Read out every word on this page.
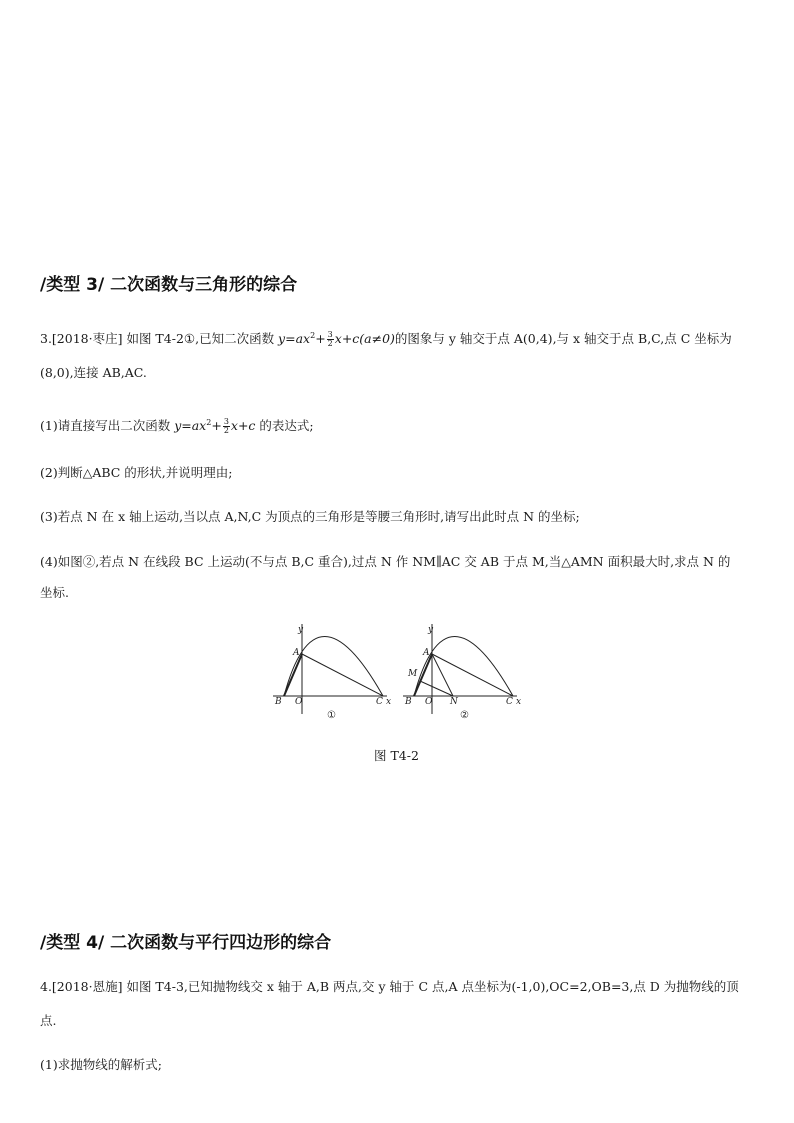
/类型 3/ 二次函数与三角形的综合
3.[2018·枣庄] 如图 T4-2①,已知二次函数 $y=ax^2+ \frac{3}{2} x+c(a\ne 0)$的图象与 y 轴交于点 A(0,4),与 x 轴交于点 B,C,点 C 坐标为
(8,0),连接 AB,AC.
(1)请直接写出二次函数 $y=ax^2+ \frac{3}{2} x+c$ 的表达式;
(2)判断△ABC 的形状,并说明理由;
(3)若点 N 在 x 轴上运动,当以点 A,N,C 为顶点的三角形是等腰三角形时,请写出此时点 N 的坐标;
(4)如图②,若点 N 在线段 BC 上运动(不与点 B,C 重合),过点 N 作 NM∥AC 交 AB 于点 M,当△AMN 面积最大时,求点 N 的
坐标.
y
A
B O	C x
①
y
A
M
B O N	C x
②
图 T4-2
/类型 4/ 二次函数与平行四边形的综合
4.[2018·恩施] 如图 T4-3,已知抛物线交 x 轴于 A,B 两点,交 y 轴于 C 点,A 点坐标为(-1,0),OC=2,OB=3,点 D 为抛物线的顶
点.
(1)求抛物线的解析式;
